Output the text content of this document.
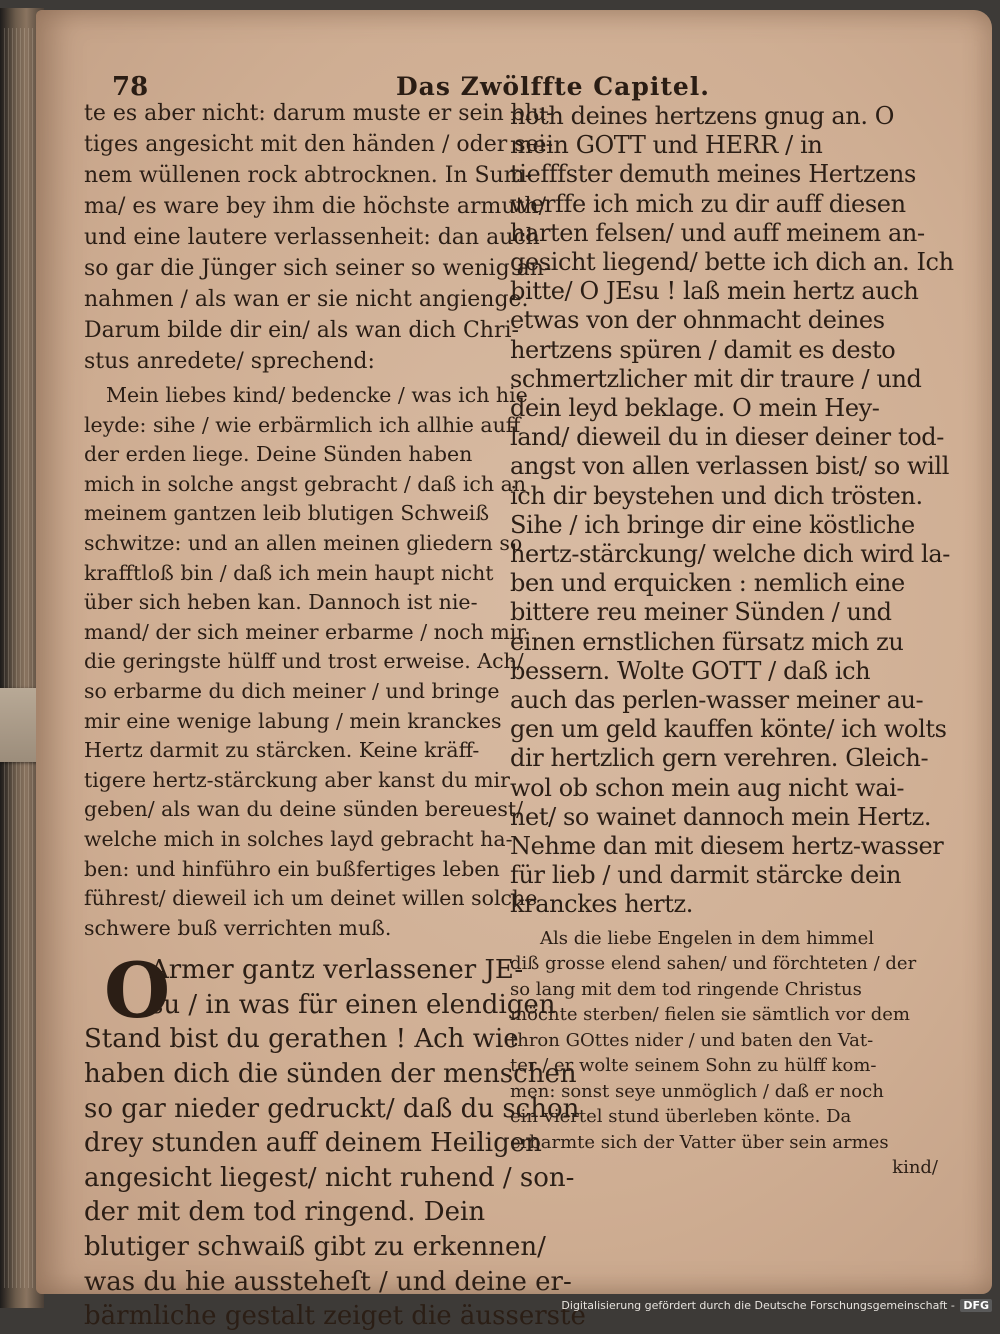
78	Das Zwölffte Capitel.

te es aber nicht: darum muste er sein blu-
tiges angesicht mit den händen / oder sei-
nem wüllenen rock abtrocknen. In Sum-
ma/ es ware bey ihm die höchste armuth/
und eine lautere verlassenheit: dan auch
so gar die Jünger sich seiner so wenig an-
nahmen / als wan er sie nicht angienge.
Darum bilde dir ein/ als wan dich Chri-
stus anredete/ sprechend:

Mein liebes kind/ bedencke / was ich hie
leyde: sihe / wie erbärmlich ich allhie auff
der erden liege. Deine Sünden haben
mich in solche angst gebracht / daß ich an
meinem gantzen leib blutigen Schweiß
schwitze: und an allen meinen gliedern so
krafftloß bin / daß ich mein haupt nicht
über sich heben kan. Dannoch ist nie-
mand/ der sich meiner erbarme / noch mir
die geringste hülff und trost erweise. Ach/
so erbarme du dich meiner / und bringe
mir eine wenige labung / mein kranckes
Hertz darmit zu stärcken. Keine kräff-
tigere hertz-stärckung aber kanst du mir
geben/ als wan du deine sünden bereuest/
welche mich in solches layd gebracht ha-
ben: und hinführo ein bußfertiges leben
führest/ dieweil ich um deinet willen solche
schwere buß verrichten muß.

O

Armer gantz verlassener JE-
su / in was für einen elendigen

Stand bist du gerathen ! Ach wie
haben dich die sünden der menschen
so gar nieder gedruckt/ daß du schon
drey stunden auff deinem Heiligen
angesicht liegest/ nicht ruhend / son-
der mit dem tod ringend. Dein
blutiger schwaiß gibt zu erkennen/
was du hie aussteheſt / und deine er-
bärmliche gestalt zeiget die äusserste

noth deines hertzens gnug an. O
mein GOTT und HERR / in
tiefffster demuth meines Hertzens
werffe ich mich zu dir auff diesen
harten felsen/ und auff meinem an-
gesicht liegend/ bette ich dich an. Ich
bitte/ O JEsu ! laß mein hertz auch
etwas von der ohnmacht deines
hertzens spüren / damit es desto
schmertzlicher mit dir traure / und
dein leyd beklage. O mein Hey-
land/ dieweil du in dieser deiner tod-
angst von allen verlassen bist/ so will
ich dir beystehen und dich trösten.
Sihe / ich bringe dir eine köstliche
hertz-stärckung/ welche dich wird la-
ben und erquicken : nemlich eine
bittere reu meiner Sünden / und
einen ernstlichen fürsatz mich zu
bessern. Wolte GOTT / daß ich
auch das perlen-wasser meiner au-
gen um geld kauffen könte/ ich wolts
dir hertzlich gern verehren. Gleich-
wol ob schon mein aug nicht wai-
net/ so wainet dannoch mein Hertz.
Nehme dan mit diesem hertz-wasser
für lieb / und darmit stärcke dein
kranckes hertz.

Als die liebe Engelen in dem himmel
diß grosse elend sahen/ und förchteten / der
so lang mit dem tod ringende Christus
möchte sterben/ fielen sie sämtlich vor dem
thron GOttes nider / und baten den Vat-
ter / er wolte seinem Sohn zu hülff kom-
men: sonst seye unmöglich / daß er noch
ein viertel stund überleben könte. Da
erbarmte sich der Vatter über sein armes
kind/

Digitalisierung gefördert durch die Deutsche Forschungsgemeinschaft - DFG
